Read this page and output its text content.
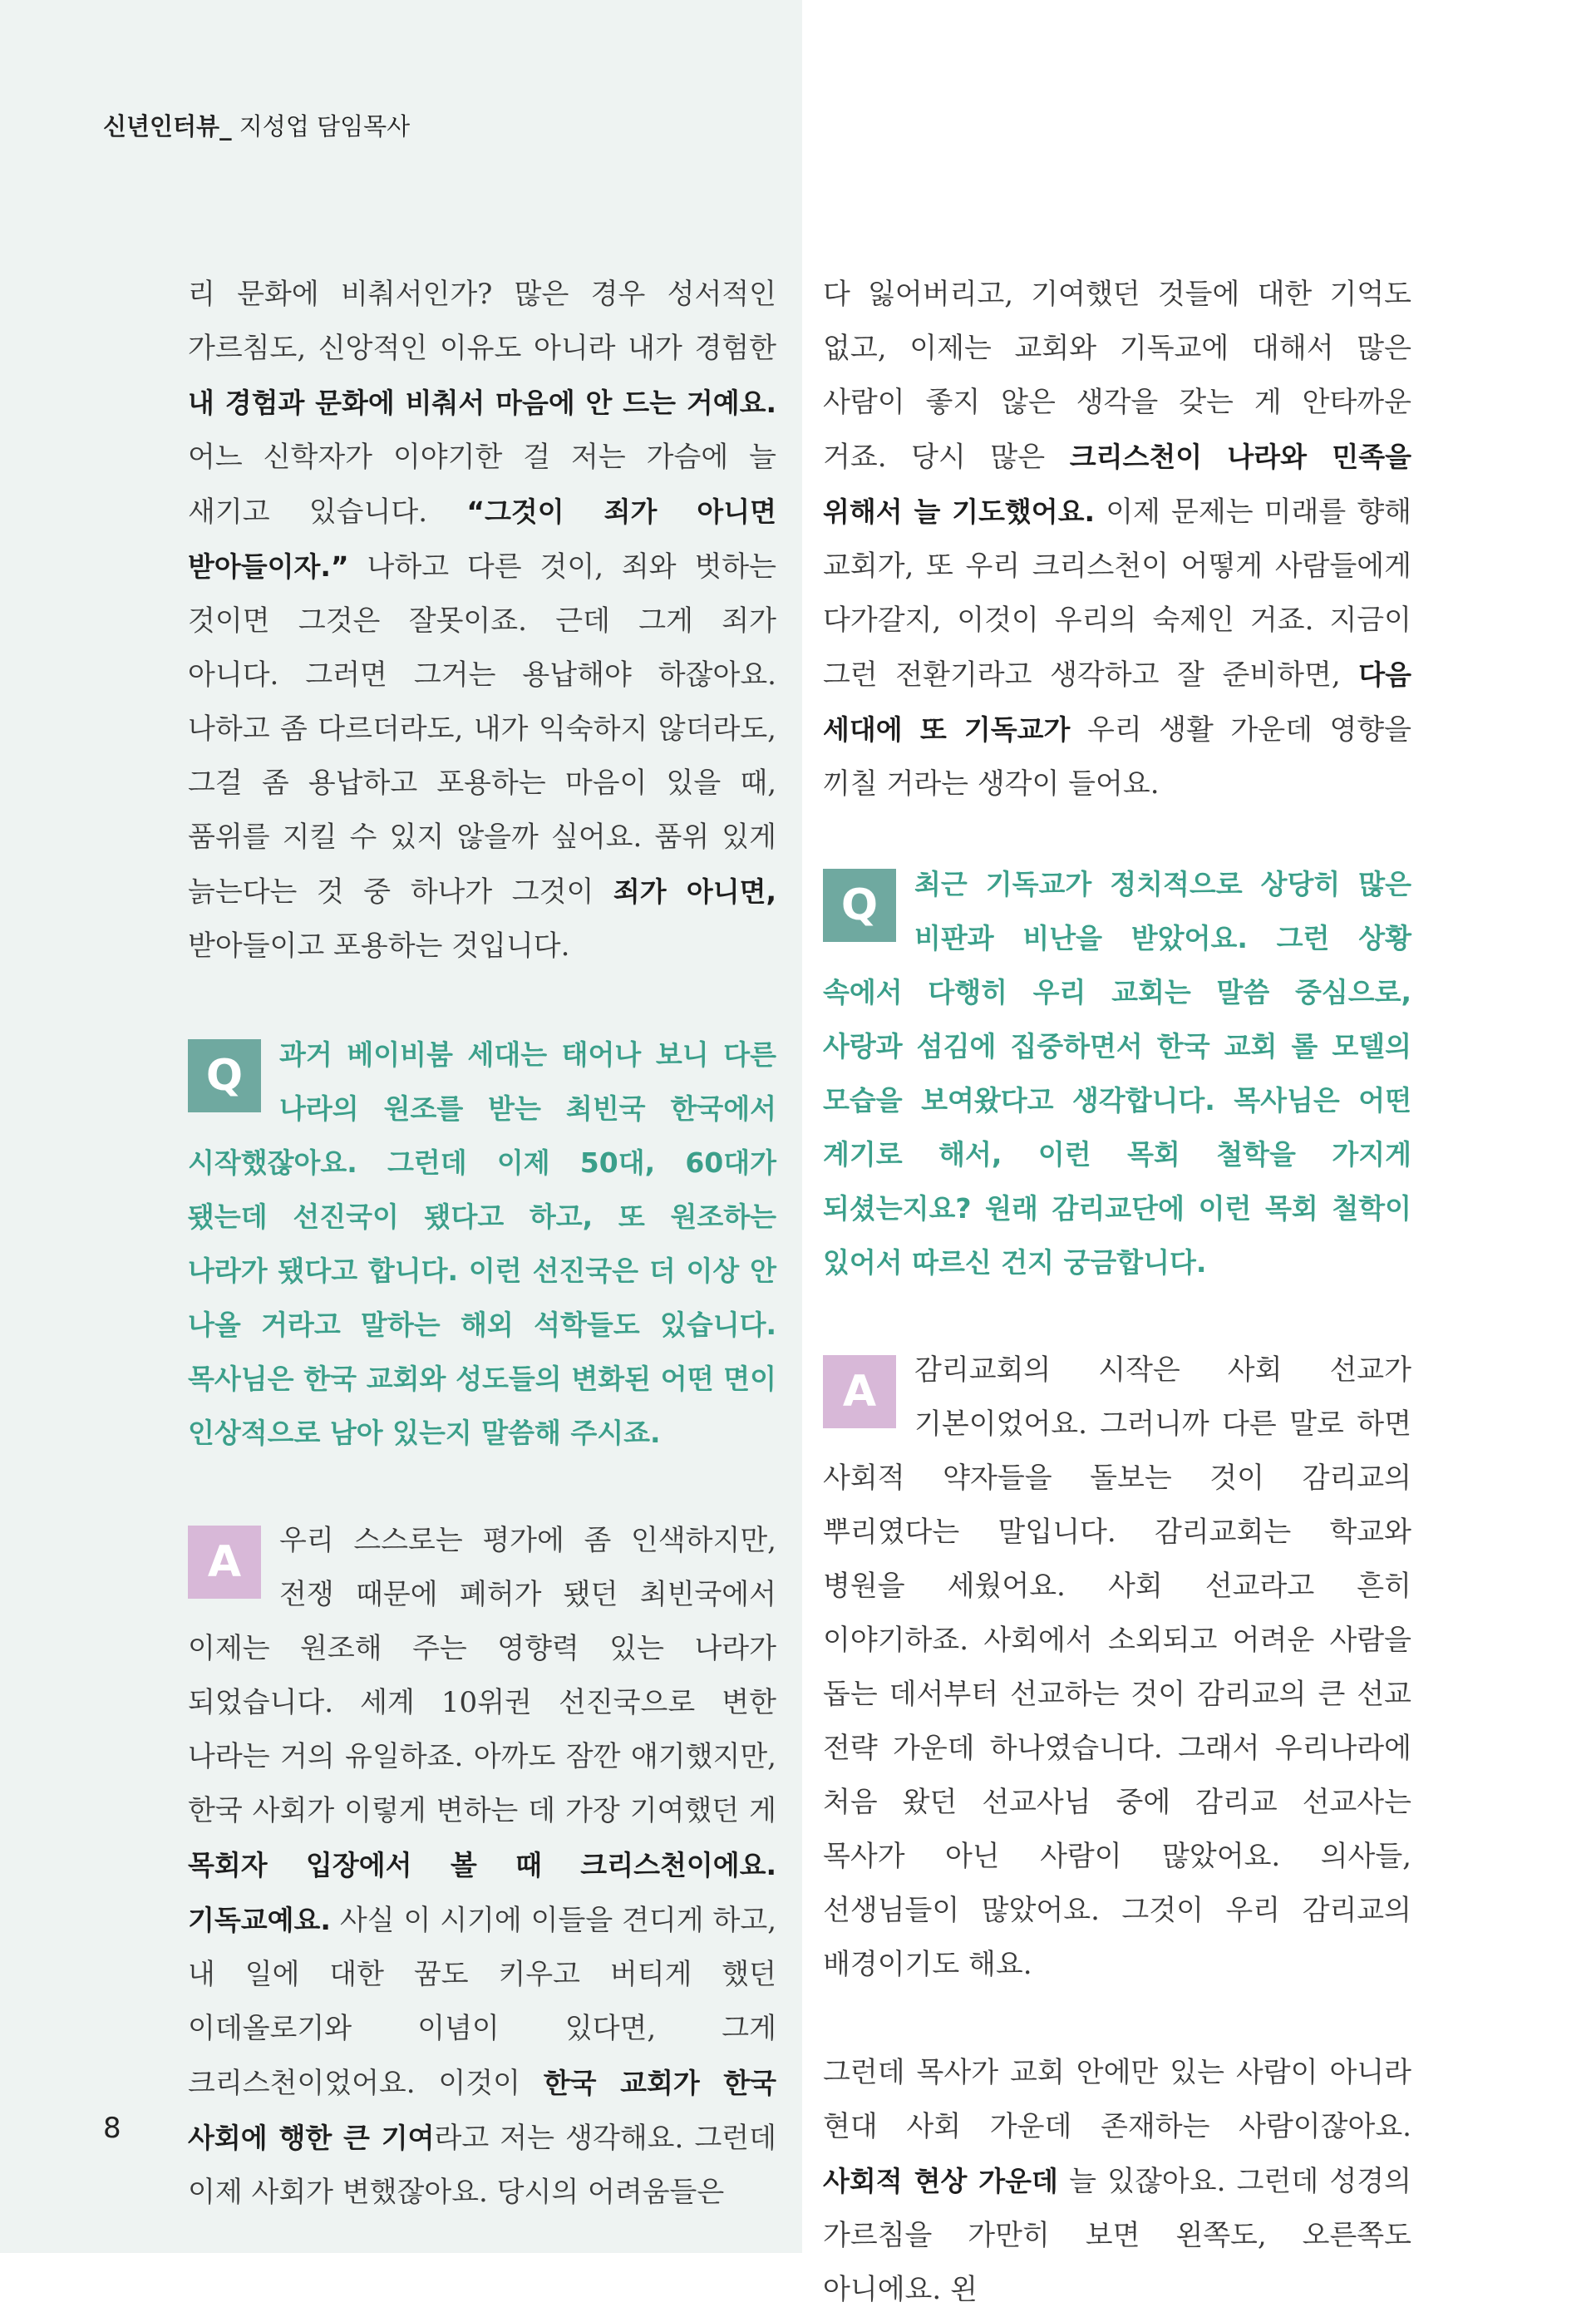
신년인터뷰_ 지성업 담임목사

리 문화에 비춰서인가? 많은 경우 성서적인 가르침도, 신앙적인 이유도 아니라 내가 경험한 내 경험과 문화에 비춰서 마음에 안 드는 거예요. 어느 신학자가 이야기한 걸 저는 가슴에 늘 새기고 있습니다. “그것이 죄가 아니면 받아들이자.” 나하고 다른 것이, 죄와 벗하는 것이면 그것은 잘못이죠. 근데 그게 죄가 아니다. 그러면 그거는 용납해야 하잖아요. 나하고 좀 다르더라도, 내가 익숙하지 않더라도, 그걸 좀 용납하고 포용하는 마음이 있을 때, 품위를 지킬 수 있지 않을까 싶어요. 품위 있게 늙는다는 것 중 하나가 그것이 죄가 아니면, 받아들이고 포용하는 것입니다.

Q	과거 베이비붐 세대는 태어나 보니 다른 나라의 원조를 받는 최빈국 한국에서 시작했잖아요. 그런데 이제 50대, 60대가 됐는데 선진국이 됐다고 하고, 또 원조하는 나라가 됐다고 합니다. 이런 선진국은 더 이상 안 나올 거라고 말하는 해외 석학들도 있습니다. 목사님은 한국 교회와 성도들의 변화된 어떤 면이 인상적으로 남아 있는지 말씀해 주시죠.

A	우리 스스로는 평가에 좀 인색하지만, 전쟁 때문에 폐허가 됐던 최빈국에서 이제는 원조해 주는 영향력 있는 나라가 되었습니다. 세계 10위권 선진국으로 변한 나라는 거의 유일하죠. 아까도 잠깐 얘기했지만, 한국 사회가 이렇게 변하는 데 가장 기여했던 게 목회자 입장에서 볼 때 크리스천이에요. 기독교예요. 사실 이 시기에 이들을 견디게 하고, 내 일에 대한 꿈도 키우고 버티게 했던 이데올로기와 이념이 있다면, 그게 크리스천이었어요. 이것이 한국 교회가 한국 사회에 행한 큰 기여라고 저는 생각해요. 그런데 이제 사회가 변했잖아요. 당시의 어려움들은

다 잃어버리고, 기여했던 것들에 대한 기억도 없고, 이제는 교회와 기독교에 대해서 많은 사람이 좋지 않은 생각을 갖는 게 안타까운 거죠. 당시 많은 크리스천이 나라와 민족을 위해서 늘 기도했어요. 이제 문제는 미래를 향해 교회가, 또 우리 크리스천이 어떻게 사람들에게 다가갈지, 이것이 우리의 숙제인 거죠. 지금이 그런 전환기라고 생각하고 잘 준비하면, 다음 세대에 또 기독교가 우리 생활 가운데 영향을 끼칠 거라는 생각이 들어요.

Q	최근 기독교가 정치적으로 상당히 많은 비판과 비난을 받았어요. 그런 상황 속에서 다행히 우리 교회는 말씀 중심으로, 사랑과 섬김에 집중하면서 한국 교회 롤 모델의 모습을 보여왔다고 생각합니다. 목사님은 어떤 계기로 해서, 이런 목회 철학을 가지게 되셨는지요? 원래 감리교단에 이런 목회 철학이 있어서 따르신 건지 궁금합니다.

A	감리교회의 시작은 사회 선교가 기본이었어요. 그러니까 다른 말로 하면 사회적 약자들을 돌보는 것이 감리교의 뿌리였다는 말입니다. 감리교회는 학교와 병원을 세웠어요. 사회 선교라고 흔히 이야기하죠. 사회에서 소외되고 어려운 사람을 돕는 데서부터 선교하는 것이 감리교의 큰 선교 전략 가운데 하나였습니다. 그래서 우리나라에 처음 왔던 선교사님 중에 감리교 선교사는 목사가 아닌 사람이 많았어요. 의사들, 선생님들이 많았어요. 그것이 우리 감리교의 배경이기도 해요.

그런데 목사가 교회 안에만 있는 사람이 아니라 현대 사회 가운데 존재하는 사람이잖아요. 사회적 현상 가운데 늘 있잖아요. 그런데 성경의 가르침을 가만히 보면 왼쪽도, 오른쪽도 아니에요. 왼

8
